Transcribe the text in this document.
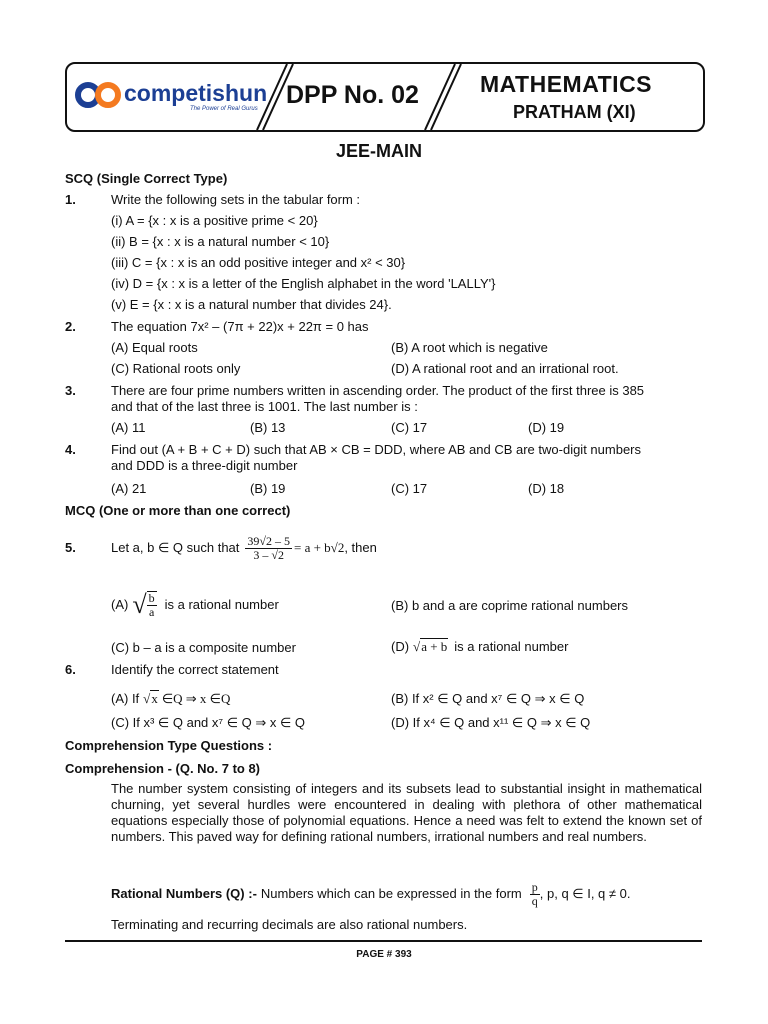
competishun
The Power of Real Gurus DPP No. 02	MATHEMATICS
PRATHAM (XI)
JEE-MAIN
SCQ (Single Correct Type)
1.	Write the following sets in the tabular form :
(i) A = {x : x is a positive prime < 20}
(ii) B = {x : x is a natural number < 10}
(iii) C = {x : x is an odd positive integer and x² < 30}
(iv) D = {x : x is a letter of the English alphabet in the word 'LALLY'}
(v) E = {x : x is a natural number that divides 24}.
2.	The equation 7x² – (7π + 22)x + 22π = 0 has
(A) Equal roots	(B) A root which is negative
(C) Rational roots only	(D) A rational root and an irrational root.
3.	There are four prime numbers written in ascending order. The product of the first three is 385
and that of the last three is 1001. The last number is :
(A) 11	(B) 13	(C) 17	(D) 19
4.	Find out (A + B + C + D) such that AB × CB = DDD, where AB and CB are two-digit numbers
and DDD is a three-digit number
(A) 21	(B) 19	(C) 17	(D) 18
MCQ (One or more than one correct)
5.	Let a, b ∈ Q such that $\frac{39√2 - 5}{3 - √2} = a + b√2$ , then
(A) √ $\frac{b}{a}$ is a rational number	(B) b and a are coprime rational numbers
(C) b – a is a composite number	(D) √ a + b is a rational number
6.	Identify the correct statement
(A) If √ x ∈Q ⇒ x ∈Q	(B) If x² ∈ Q and x⁷ ∈ Q ⇒ x ∈ Q
(C) If x³ ∈ Q and x⁷ ∈ Q ⇒ x ∈ Q	(D) If x⁴ ∈ Q and x¹¹ ∈ Q ⇒ x ∈ Q
Comprehension Type Questions :
Comprehension - (Q. No. 7 to 8)
The number system consisting of integers and its subsets lead to substantial insight in mathematical churning, yet several hurdles were encountered in dealing with plethora of other mathematical equations especially those of polynomial equations. Hence a need was felt to extend the known set of numbers. This paved way for defining rational numbers, irrational numbers and real numbers.
Rational Numbers (Q) :- Numbers which can be expressed in the form $\frac{p}{q}$ , p, q ∈ I, q ≠ 0.
Terminating and recurring decimals are also rational numbers.
PAGE # 393
